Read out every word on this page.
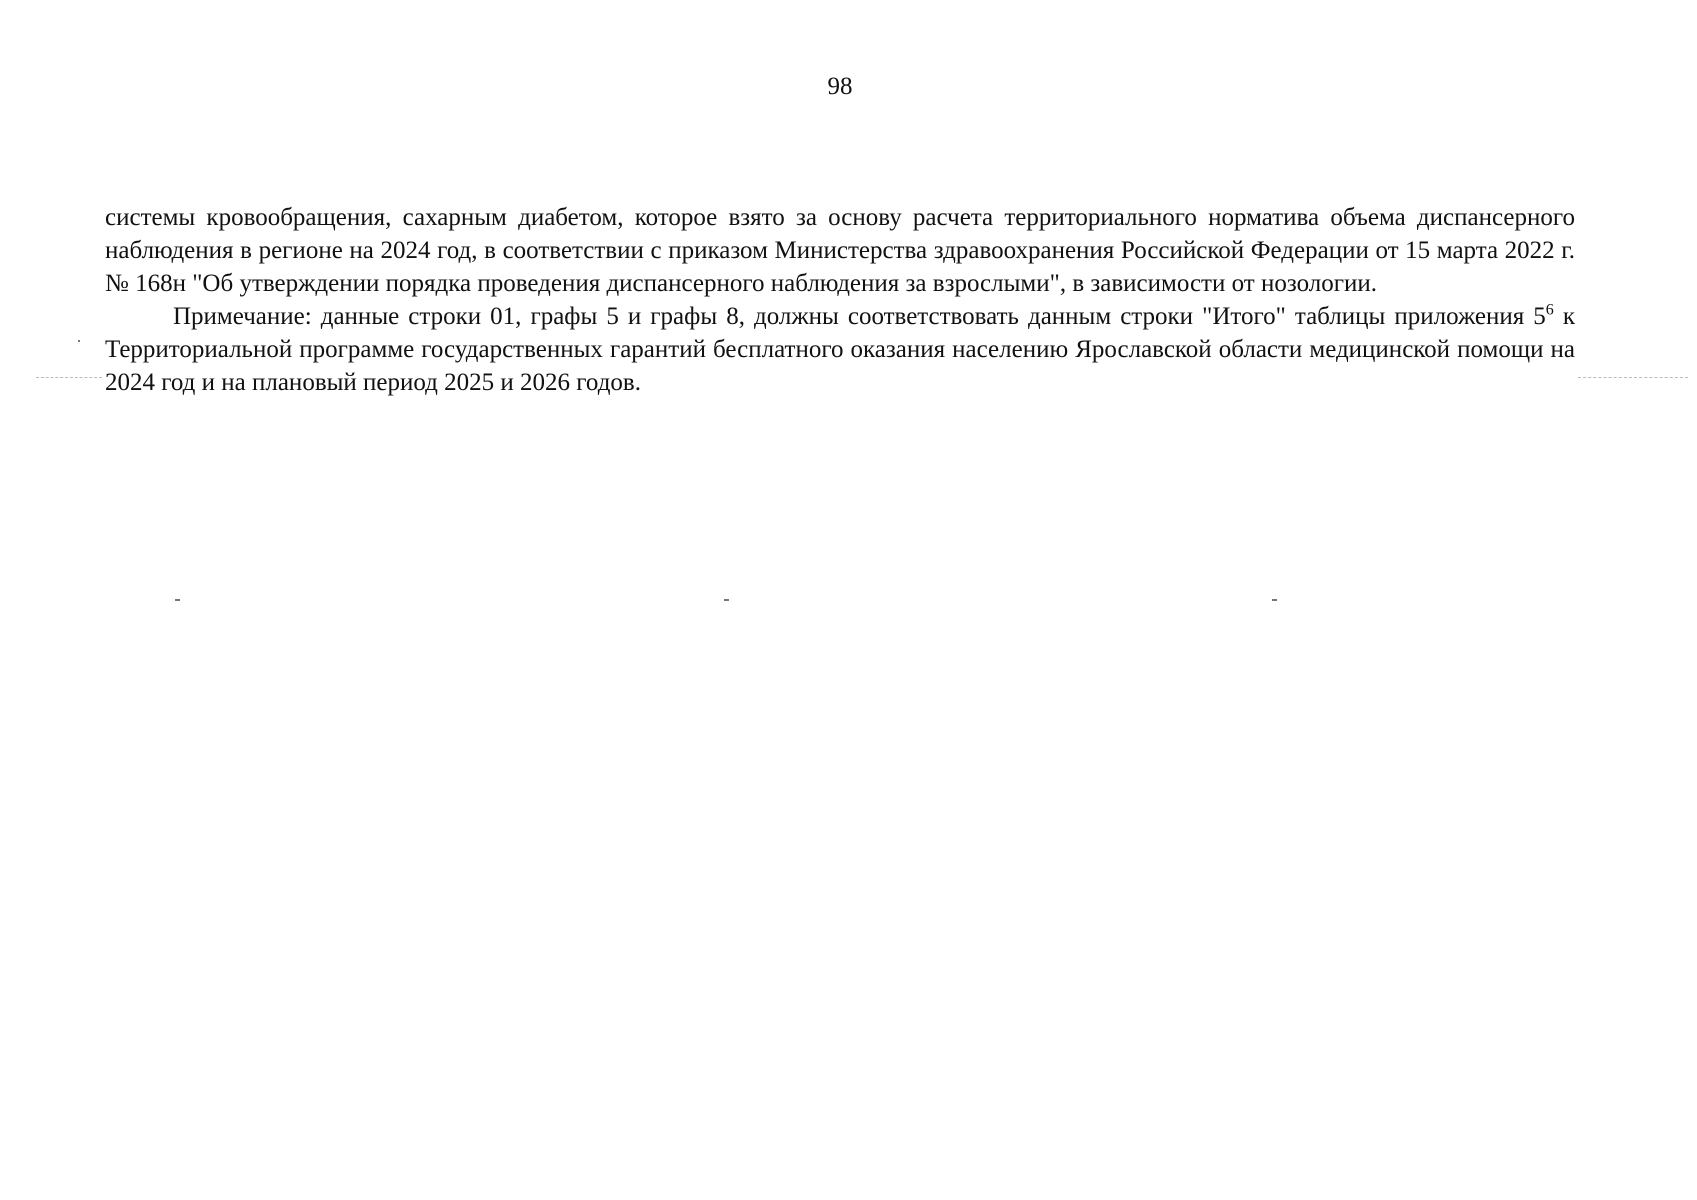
98

системы кровообращения, сахарным диабетом, которое взято за основу расчета территориального норматива объема диспансерного наблюдения в регионе на 2024 год, в соответствии с приказом Министерства здравоохранения Российской Федерации от 15 марта 2022 г. № 168н "Об утверждении порядка проведения диспансерного наблюдения за взрослыми", в зависимости от нозологии.

Примечание: данные строки 01, графы 5 и графы 8, должны соответствовать данным строки "Итого" таблицы приложения $5^6$ к Территориальной программе государственных гарантий бесплатного оказания населению Ярославской области медицинской помощи на 2024 год и на плановый период 2025 и 2026 годов.
